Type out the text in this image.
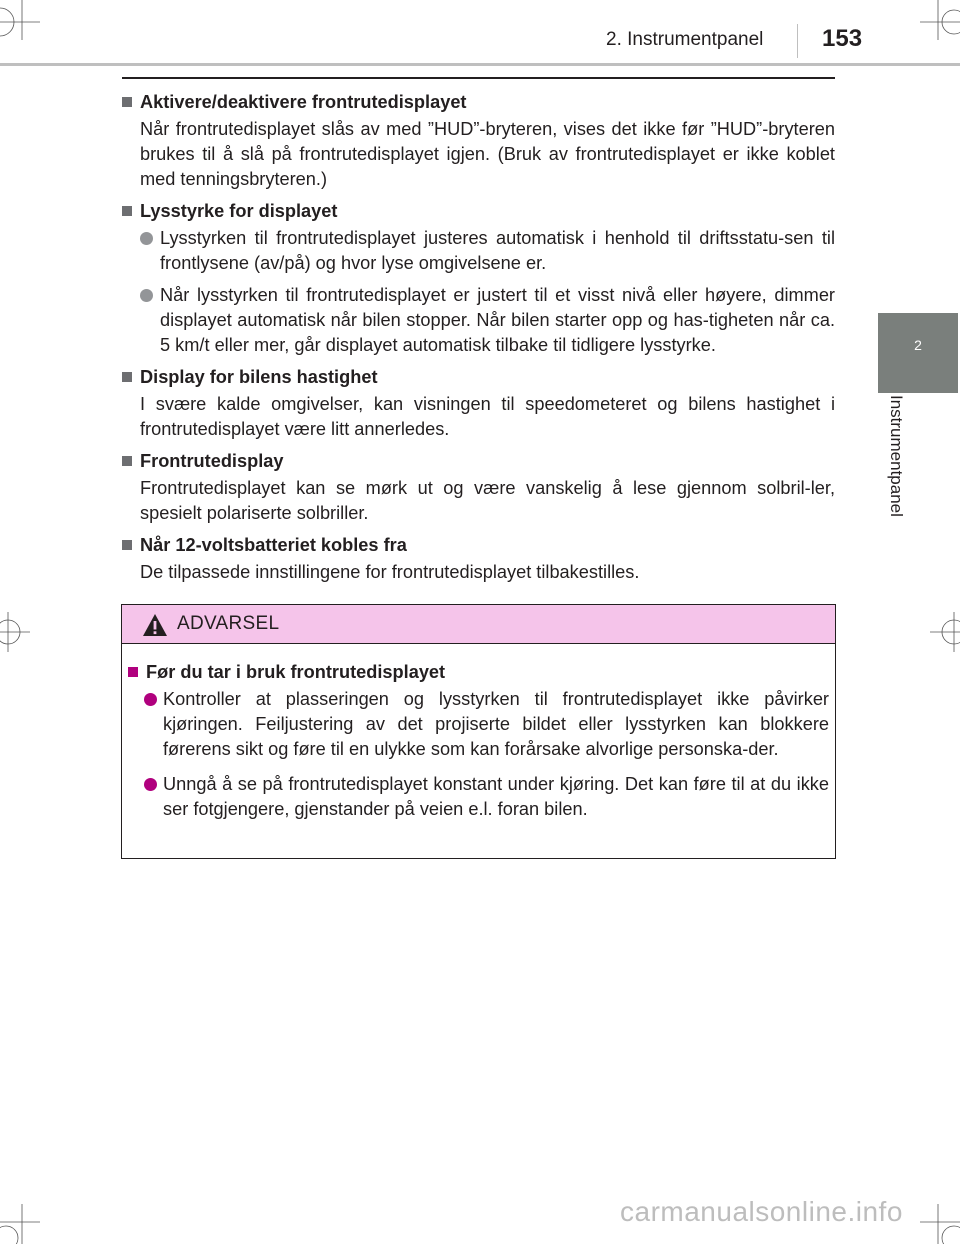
2. Instrumentpanel 153
2
Instrumentpanel
Aktivere/deaktivere frontrutedisplayet
Når frontrutedisplayet slås av med ”HUD”-bryteren, vises det ikke før ”HUD”-bryteren brukes til å slå på frontrutedisplayet igjen. (Bruk av frontrutedisplayet er ikke koblet med tenningsbryteren.)
Lysstyrke for displayet
Lysstyrken til frontrutedisplayet justeres automatisk i henhold til driftsstatu-sen til frontlysene (av/på) og hvor lyse omgivelsene er.
Når lysstyrken til frontrutedisplayet er justert til et visst nivå eller høyere, dimmer displayet automatisk når bilen stopper. Når bilen starter opp og has-tigheten når ca. 5 km/t eller mer, går displayet automatisk tilbake til tidligere lysstyrke.
Display for bilens hastighet
I svære kalde omgivelser, kan visningen til speedometeret og bilens hastighet i frontrutedisplayet være litt annerledes.
Frontrutedisplay
Frontrutedisplayet kan se mørk ut og være vanskelig å lese gjennom solbril-ler, spesielt polariserte solbriller.
Når 12-voltsbatteriet kobles fra
De tilpassede innstillingene for frontrutedisplayet tilbakestilles.
ADVARSEL
Før du tar i bruk frontrutedisplayet
Kontroller at plasseringen og lysstyrken til frontrutedisplayet ikke påvirker kjøringen. Feiljustering av det projiserte bildet eller lysstyrken kan blokkere førerens sikt og føre til en ulykke som kan forårsake alvorlige personska-der.
Unngå å se på frontrutedisplayet konstant under kjøring. Det kan føre til at du ikke ser fotgjengere, gjenstander på veien e.l. foran bilen.
carmanualsonline.info
